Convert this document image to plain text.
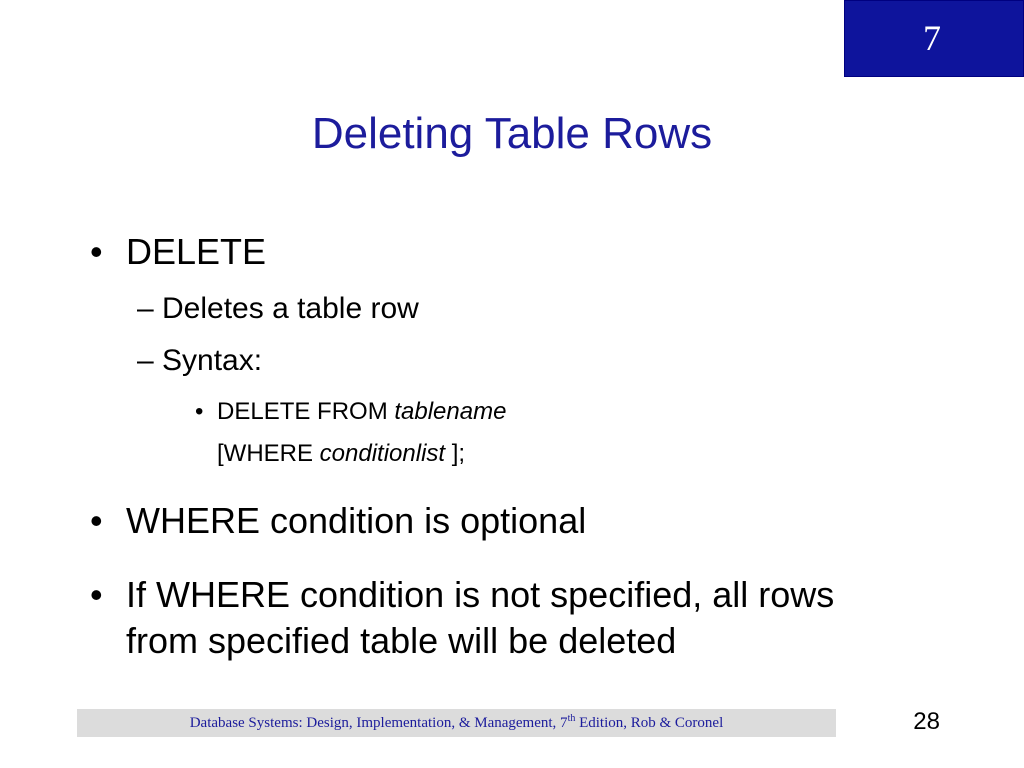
7
Deleting Table Rows
• DELETE
– Deletes a table row
– Syntax:
• DELETE FROM tablename
[WHERE conditionlist ];
• WHERE condition is optional
• If WHERE condition is not specified, all rows
from specified table will be deleted
Database Systems: Design, Implementation, & Management, 7th Edition, Rob & Coronel	28
